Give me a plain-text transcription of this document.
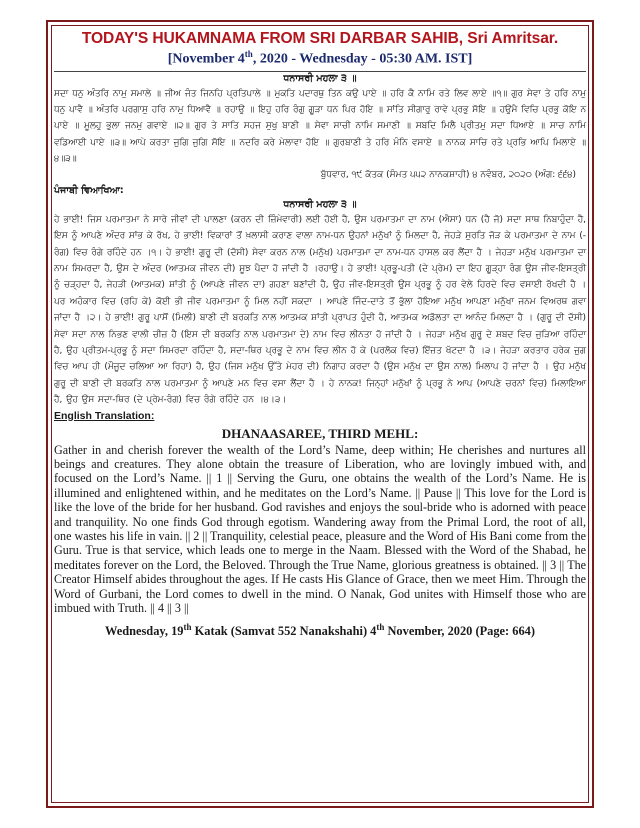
TODAY'S HUKAMNAMA FROM SRI DARBAR SAHIB, Sri Amritsar.

[November 4th, 2020 - Wednesday - 05:30 AM. IST]

ਧਨਾਸਰੀ ਮਹਲਾ ੩ ॥

ਸਦਾ ਧਨੁ ਅੰਤਰਿ ਨਾਮੁ ਸਮਾਲੇ ॥ ਜੀਅ ਜੰਤ ਜਿਨਹਿ ਪ੍ਰਤਿਪਾਲੇ ॥ ਮੁਕਤਿ ਪਦਾਰਥੁ ਤਿਨ ਕਉ ਪਾਏ ॥ ਹਰਿ ਕੈ ਨਾਮਿ ਰਤੇ ਲਿਵ ਲਾਏ ॥੧॥ ਗੁਰ ਸੇਵਾ ਤੇ ਹਰਿ ਨਾਮੁ ਧਨੁ ਪਾਵੈ ॥ ਅੰਤਰਿ ਪਰਗਾਸੁ ਹਰਿ ਨਾਮੁ ਧਿਆਵੈ ॥ ਰਹਾਉ ॥ ਇਹੁ ਹਰਿ ਰੰਗੁ ਗੂੜਾ ਧਨ ਪਿਰ ਹੋਇ ॥ ਸਾਂਤਿ ਸੀਗਾਰੁ ਰਾਵੇ ਪ੍ਰਭੁ ਸੋਇ ॥ ਹਉਮੈ ਵਿਚਿ ਪ੍ਰਭੁ ਕੋਇ ਨ ਪਾਏ ॥ ਮੂਲਹੁ ਭੁਲਾ ਜਨਮੁ ਗਵਾਏ ॥੨॥ ਗੁਰ ਤੇ ਸਾਤਿ ਸਹਜ ਸੁਖੁ ਬਾਣੀ ॥ ਸੇਵਾ ਸਾਚੀ ਨਾਮਿ ਸਮਾਣੀ ॥ ਸਬਦਿ ਮਿਲੈ ਪ੍ਰੀਤਮੁ ਸਦਾ ਧਿਆਏ ॥ ਸਾਚ ਨਾਮਿ ਵਡਿਆਈ ਪਾਏ ॥੩॥ ਆਪੇ ਕਰਤਾ ਜੁਗਿ ਜੁਗਿ ਸੋਇ ॥ ਨਦਰਿ ਕਰੇ ਮੇਲਾਵਾ ਹੋਇ ॥ ਗੁਰਬਾਣੀ ਤੇ ਹਰਿ ਮੰਨਿ ਵਸਾਏ ॥ ਨਾਨਕ ਸਾਚਿ ਰਤੇ ਪ੍ਰਭਿ ਆਪਿ ਮਿਲਾਏ ॥੪॥੩॥

ਬੁੱਧਵਾਰ, ੧੯ ਕੱਤਕ (ਸੰਮਤ ੫੫੨ ਨਾਨਕਸ਼ਾਹੀ) ੪ ਨਵੰਬਰ, ੨੦੨੦ (ਅੰਗ: ੬੬੪)

ਪੰਜਾਬੀ ਵਿਆਖਿਆ:

ਧਨਾਸਰੀ ਮਹਲਾ ੩ ॥

ਹੇ ਭਾਈ! ਜਿਸ ਪਰਮਾਤਮਾ ਨੇ ਸਾਰੇ ਜੀਵਾਂ ਦੀ ਪਾਲਣਾ (ਕਰਨ ਦੀ ਜ਼ਿੰਮੇਵਾਰੀ) ਲਈ ਹੋਈ ਹੈ, ਉਸ ਪਰਮਾਤਮਾ ਦਾ ਨਾਮ (ਐਸਾ) ਧਨ (ਹੈ ਜੋ) ਸਦਾ ਸਾਥ ਨਿਬਾਹੁੰਦਾ ਹੈ, ਇਸ ਨੂੰ ਆਪਣੇ ਅੰਦਰ ਸਾਂਭ ਕੇ ਰੱਖ, ਹੇ ਭਾਈ! ਵਿਕਾਰਾਂ ਤੋਂ ਖ਼ਲਾਸੀ ਕਰਾਣ ਵਾਲਾ ਨਾਮ-ਧਨ ਉਹਨਾਂ ਮਨੁੱਖਾਂ ਨੂੰ ਮਿਲਦਾ ਹੈ, ਜੇਹੜੇ ਸੁਰਤਿ ਜੋੜ ਕੇ ਪਰਮਾਤਮਾ ਦੇ ਨਾਮ (-ਰੰਗ) ਵਿਚ ਰੰਗੇ ਰਹਿੰਦੇ ਹਨ ।੧। ਹੇ ਭਾਈ! ਗੁਰੂ ਦੀ (ਦੱਸੀ) ਸੇਵਾ ਕਰਨ ਨਾਲ (ਮਨੁੱਖ) ਪਰਮਾਤਮਾ ਦਾ ਨਾਮ-ਧਨ ਹਾਸਲ ਕਰ ਲੈਂਦਾ ਹੈ । ਜੇਹੜਾ ਮਨੁੱਖ ਪਰਮਾਤਮਾ ਦਾ ਨਾਮ ਸਿਮਰਦਾ ਹੈ, ਉਸ ਦੇ ਅੰਦਰ (ਆਤਮਕ ਜੀਵਨ ਦੀ) ਸੂਝ ਪੈਦਾ ਹੋ ਜਾਂਦੀ ਹੈ ।ਰਹਾਉ। ਹੇ ਭਾਈ! ਪ੍ਰਭੂ-ਪਤੀ (ਦੇ ਪ੍ਰੇਮ) ਦਾ ਇਹ ਗੂੜ੍ਹਾ ਰੰਗ ਉਸ ਜੀਵ-ਇਸਤ੍ਰੀ ਨੂੰ ਚੜ੍ਹਦਾ ਹੈ, ਜੇਹੜੀ (ਆਤਮਕ) ਸ਼ਾਂਤੀ ਨੂੰ (ਆਪਣੇ ਜੀਵਨ ਦਾ) ਗਹਣਾ ਬਣਾਂਦੀ ਹੈ, ਉਹ ਜੀਵ-ਇਸਤ੍ਰੀ ਉਸ ਪ੍ਰਭੂ ਨੂੰ ਹਰ ਵੇਲੇ ਹਿਰਦੇ ਵਿਚ ਵਸਾਈ ਰੱਖਦੀ ਹੈ । ਪਰ ਅਹੰਕਾਰ ਵਿਚ (ਰਹਿ ਕੇ) ਕੋਈ ਭੀ ਜੀਵ ਪਰਮਾਤਮਾ ਨੂੰ ਮਿਲ ਨਹੀਂ ਸਕਦਾ । ਆਪਣੇ ਜਿੰਦ-ਦਾਤੇ ਤੋਂ ਭੁੱਲਾ ਹੋਇਆ ਮਨੁੱਖ ਆਪਣਾ ਮਨੁੱਖਾ ਜਨਮ ਵਿਅਰਥ ਗਵਾ ਜਾਂਦਾ ਹੈ ।੨। ਹੇ ਭਾਈ! ਗੁਰੂ ਪਾਸੋਂ (ਮਿਲੀ) ਬਾਣੀ ਦੀ ਬਰਕਤਿ ਨਾਲ ਆਤਮਕ ਸ਼ਾਂਤੀ ਪ੍ਰਾਪਤ ਹੁੰਦੀ ਹੈ, ਆਤਮਕ ਅਡੋਲਤਾ ਦਾ ਆਨੰਦ ਮਿਲਦਾ ਹੈ । (ਗੁਰੂ ਦੀ ਦੱਸੀ) ਸੇਵਾ ਸਦਾ ਨਾਲ ਨਿਭਣ ਵਾਲੀ ਚੀਜ਼ ਹੈ (ਇਸ ਦੀ ਬਰਕਤਿ ਨਾਲ ਪਰਮਾਤਮਾ ਦੇ) ਨਾਮ ਵਿਚ ਲੀਨਤਾ ਹੋ ਜਾਂਦੀ ਹੈ । ਜੇਹੜਾ ਮਨੁੱਖ ਗੁਰੂ ਦੇ ਸ਼ਬਦ ਵਿਚ ਜੁੜਿਆ ਰਹਿੰਦਾ ਹੈ, ਉਹ ਪ੍ਰੀਤਮ-ਪ੍ਰਭੂ ਨੂੰ ਸਦਾ ਸਿਮਰਦਾ ਰਹਿੰਦਾ ਹੈ, ਸਦਾ-ਥਿਰ ਪ੍ਰਭੂ ਦੇ ਨਾਮ ਵਿਚ ਲੀਨ ਹੋ ਕੇ (ਪਰਲੋਕ ਵਿਚ) ਇੱਜ਼ਤ ਖੱਟਦਾ ਹੈ ।੩। ਜੇਹੜਾ ਕਰਤਾਰ ਹਰੇਕ ਜੁਗ ਵਿਚ ਆਪ ਹੀ (ਮੌਜੂਦ ਚਲਿਆ ਆ ਰਿਹਾ) ਹੈ, ਉਹ (ਜਿਸ ਮਨੁੱਖ ਉੱਤੇ ਮੇਹਰ ਦੀ) ਨਿਗਾਹ ਕਰਦਾ ਹੈ (ਉਸ ਮਨੁੱਖ ਦਾ ਉਸ ਨਾਲ) ਮਿਲਾਪ ਹੋ ਜਾਂਦਾ ਹੈ । ਉਹ ਮਨੁੱਖ ਗੁਰੂ ਦੀ ਬਾਣੀ ਦੀ ਬਰਕਤਿ ਨਾਲ ਪਰਮਾਤਮਾ ਨੂੰ ਆਪਣੇ ਮਨ ਵਿਚ ਵਸਾ ਲੈਂਦਾ ਹੈ । ਹੇ ਨਾਨਕ! ਜਿਨ੍ਹਾਂ ਮਨੁੱਖਾਂ ਨੂੰ ਪ੍ਰਭੂ ਨੇ ਆਪ (ਆਪਣੇ ਚਰਨਾਂ ਵਿਚ) ਮਿਲਾਇਆ ਹੈ, ਉਹ ਉਸ ਸਦਾ-ਥਿਰ (ਦੇ ਪ੍ਰੇਮ-ਰੰਗ) ਵਿਚ ਰੰਗੇ ਰਹਿੰਦੇ ਹਨ ।੪।੩।

English Translation:

DHANAASAREE, THIRD MEHL:

Gather in and cherish forever the wealth of the Lord’s Name, deep within; He cherishes and nurtures all beings and creatures. They alone obtain the treasure of Liberation, who are lovingly imbued with, and focused on the Lord’s Name. || 1 || Serving the Guru, one obtains the wealth of the Lord’s Name. He is illumined and enlightened within, and he meditates on the Lord’s Name. || Pause || This love for the Lord is like the love of the bride for her husband. God ravishes and enjoys the soul-bride who is adorned with peace and tranquility. No one finds God through egotism. Wandering away from the Primal Lord, the root of all, one wastes his life in vain. || 2 || Tranquility, celestial peace, pleasure and the Word of His Bani come from the Guru. True is that service, which leads one to merge in the Naam. Blessed with the Word of the Shabad, he meditates forever on the Lord, the Beloved. Through the True Name, glorious greatness is obtained. || 3 || The Creator Himself abides throughout the ages. If He casts His Glance of Grace, then we meet Him. Through the Word of Gurbani, the Lord comes to dwell in the mind. O Nanak, God unites with Himself those who are imbued with Truth. || 4 || 3 ||

Wednesday, 19th Katak (Samvat 552 Nanakshahi) 4th November, 2020 (Page: 664)
